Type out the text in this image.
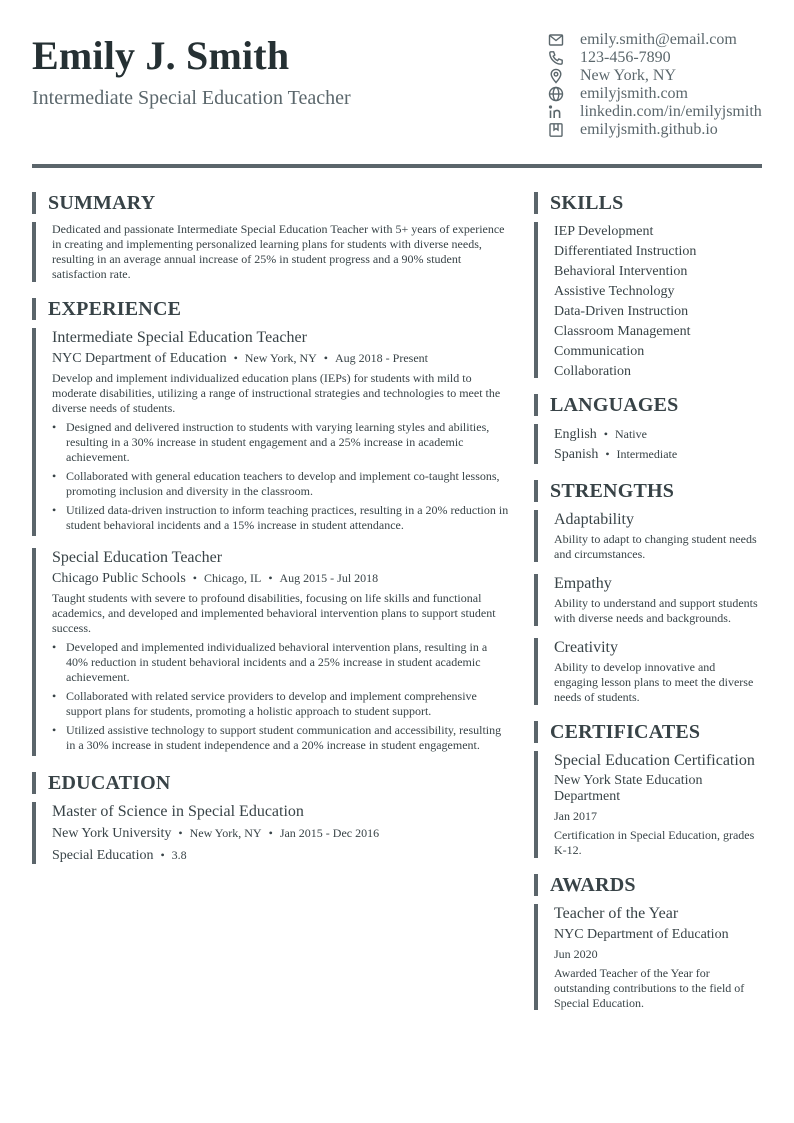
Emily J. Smith
Intermediate Special Education Teacher
emily.smith@email.com
123-456-7890
New York, NY
emilyjsmith.com
linkedin.com/in/emilyjsmith
emilyjsmith.github.io
SUMMARY
Dedicated and passionate Intermediate Special Education Teacher with 5+ years of experience in creating and implementing personalized learning plans for students with diverse needs, resulting in an average annual increase of 25% in student progress and a 90% student satisfaction rate.
EXPERIENCE
Intermediate Special Education Teacher
NYC Department of Education • New York, NY • Aug 2018 - Present
Develop and implement individualized education plans (IEPs) for students with mild to moderate disabilities, utilizing a range of instructional strategies and technologies to meet the diverse needs of students.
• Designed and delivered instruction to students with varying learning styles and abilities, resulting in a 30% increase in student engagement and a 25% increase in academic achievement.
• Collaborated with general education teachers to develop and implement co-taught lessons, promoting inclusion and diversity in the classroom.
• Utilized data-driven instruction to inform teaching practices, resulting in a 20% reduction in student behavioral incidents and a 15% increase in student attendance.
Special Education Teacher
Chicago Public Schools • Chicago, IL • Aug 2015 - Jul 2018
Taught students with severe to profound disabilities, focusing on life skills and functional academics, and developed and implemented behavioral intervention plans to support student success.
• Developed and implemented individualized behavioral intervention plans, resulting in a 40% reduction in student behavioral incidents and a 25% increase in student academic achievement.
• Collaborated with related service providers to develop and implement comprehensive support plans for students, promoting a holistic approach to student support.
• Utilized assistive technology to support student communication and accessibility, resulting in a 30% increase in student independence and a 20% increase in student engagement.
EDUCATION
Master of Science in Special Education
New York University • New York, NY • Jan 2015 - Dec 2016
Special Education • 3.8
SKILLS
IEP Development
Differentiated Instruction
Behavioral Intervention
Assistive Technology
Data-Driven Instruction
Classroom Management
Communication
Collaboration
LANGUAGES
English • Native
Spanish • Intermediate
STRENGTHS
Adaptability
Ability to adapt to changing student needs and circumstances.
Empathy
Ability to understand and support students with diverse needs and backgrounds.
Creativity
Ability to develop innovative and engaging lesson plans to meet the diverse needs of students.
CERTIFICATES
Special Education Certification
New York State Education Department
Jan 2017
Certification in Special Education, grades K-12.
AWARDS
Teacher of the Year
NYC Department of Education
Jun 2020
Awarded Teacher of the Year for outstanding contributions to the field of Special Education.
